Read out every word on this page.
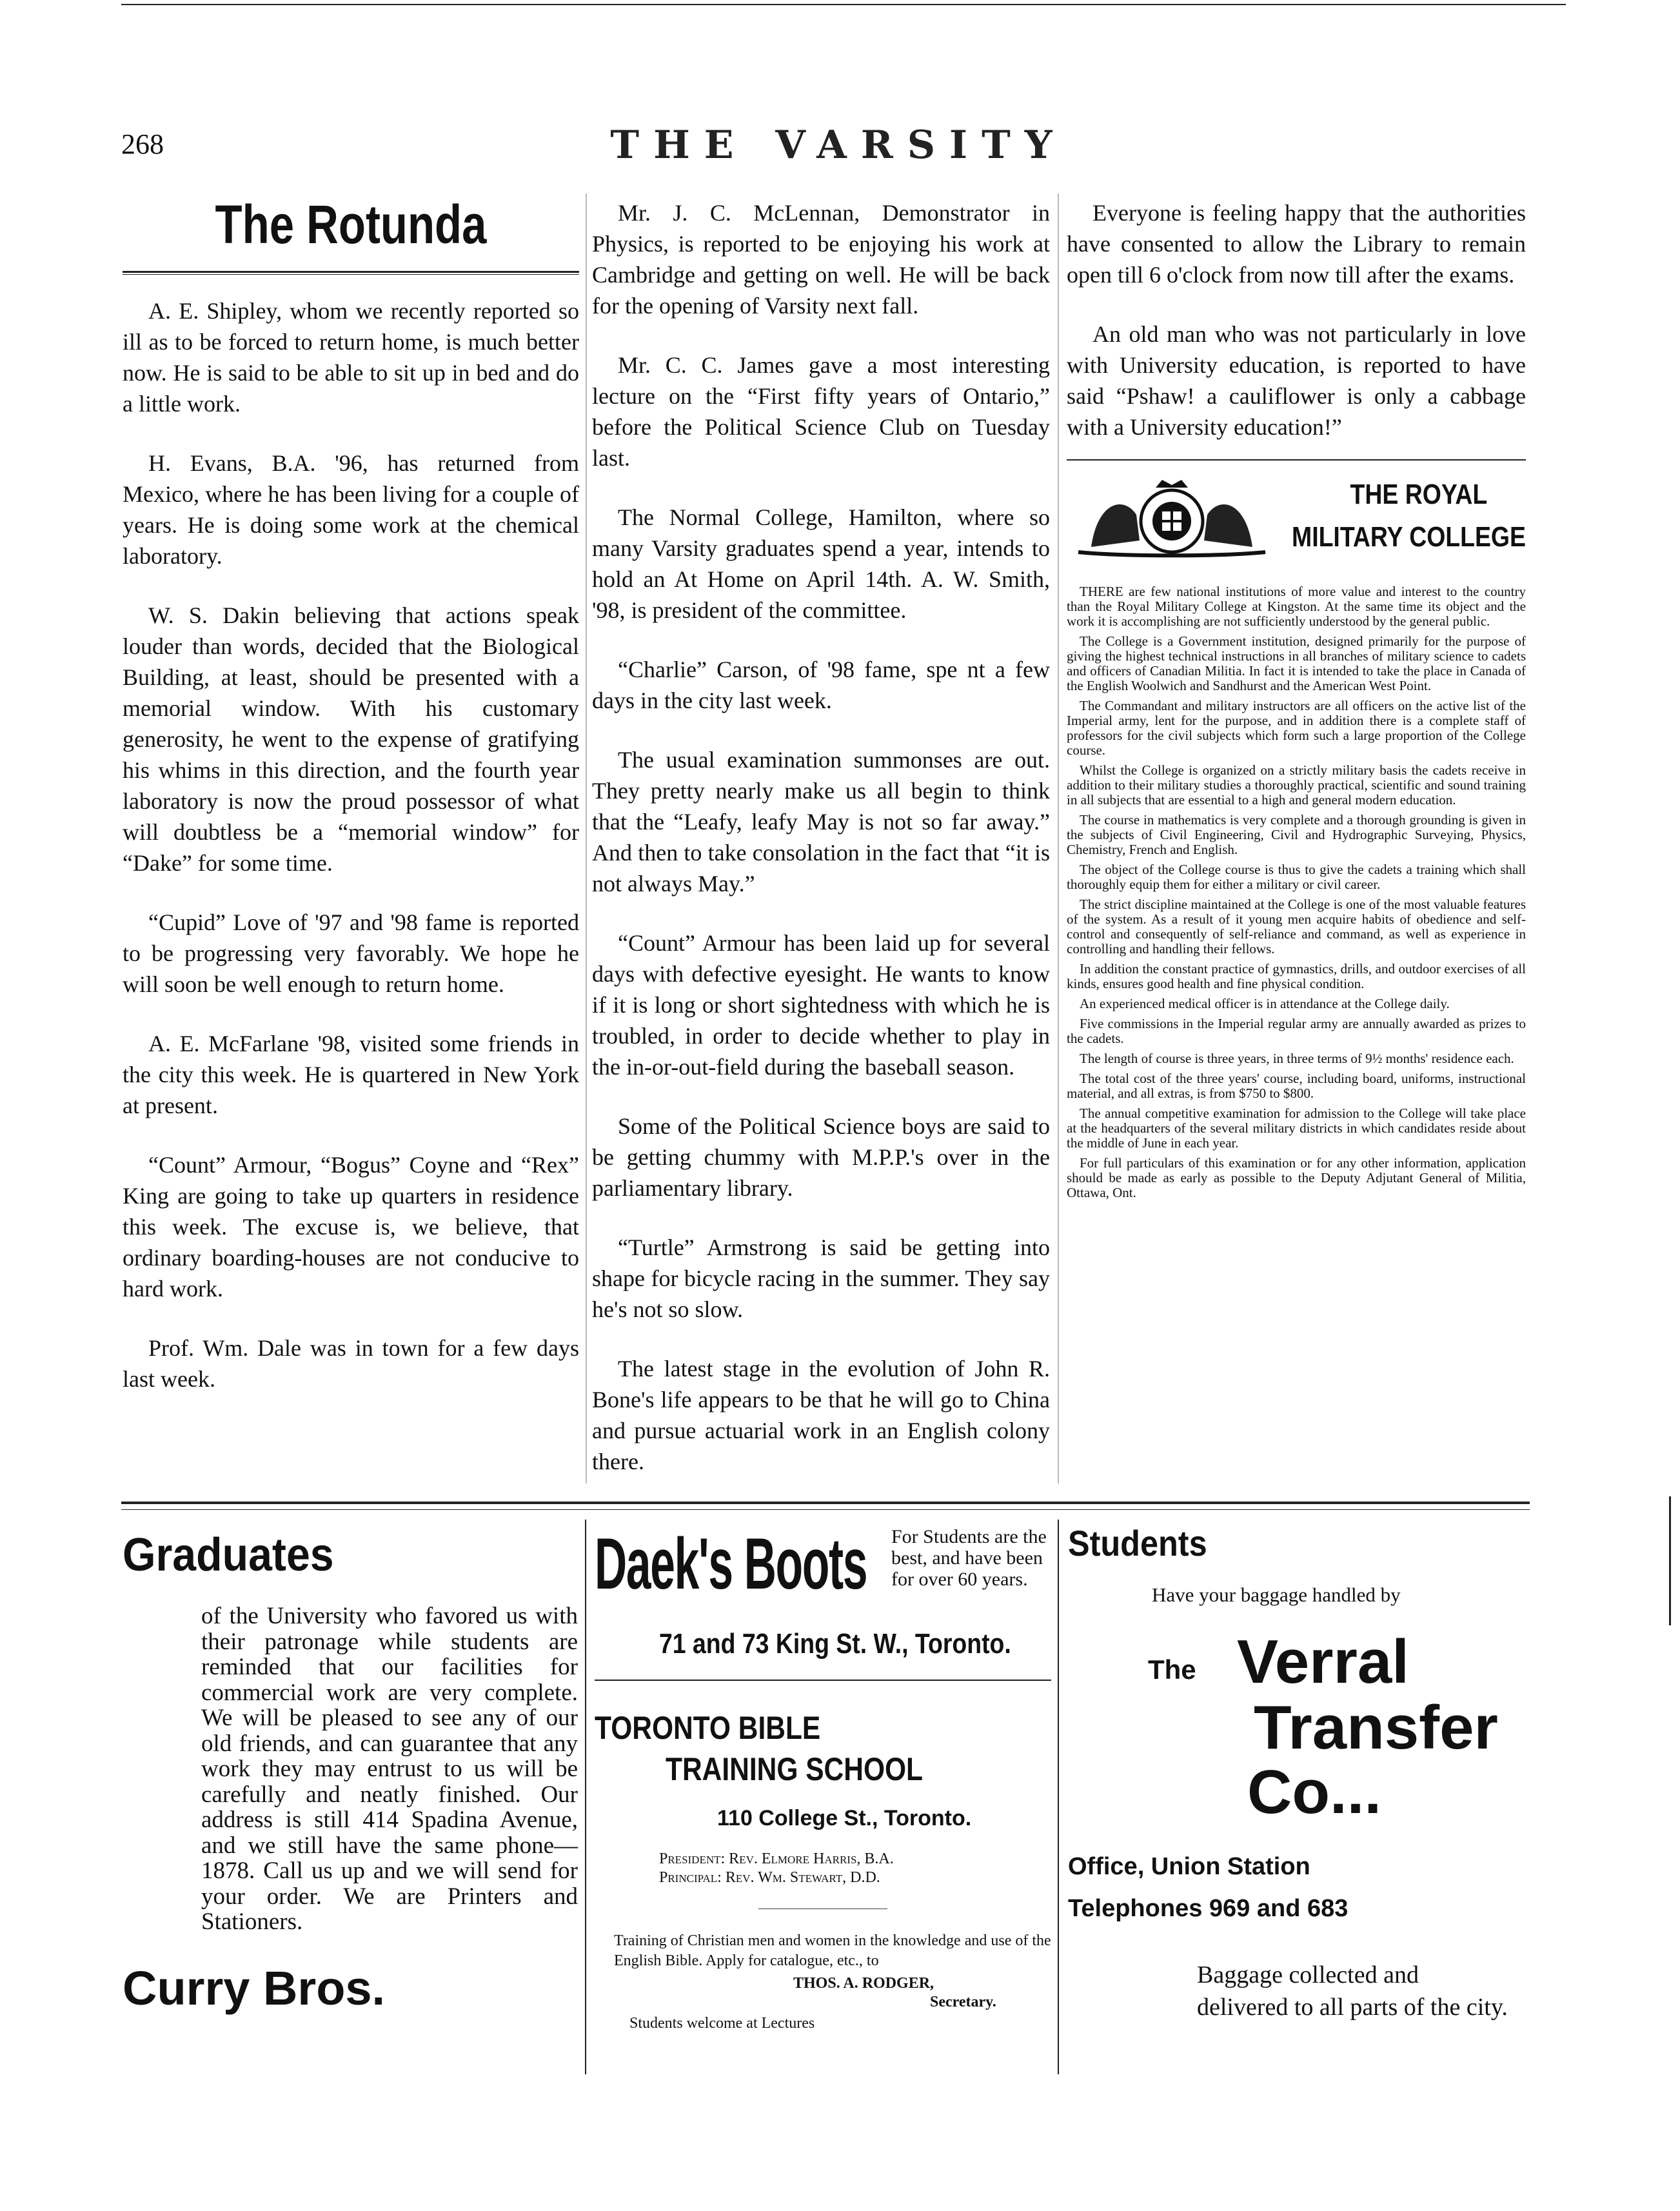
268	THE VARSITY
The Rotunda

A. E. Shipley, whom we recently reported so ill as to be forced to return home, is much better now. He is said to be able to sit up in bed and do a little work.

H. Evans, B.A. '96, has returned from Mexico, where he has been living for a couple of years. He is doing some work at the chemical laboratory.

W. S. Dakin believing that actions speak louder than words, decided that the Biological Building, at least, should be presented with a memorial window. With his customary generosity, he went to the expense of gratifying his whims in this direction, and the fourth year laboratory is now the proud possessor of what will doubtless be a “memorial window” for “Dake” for some time.

“Cupid” Love of '97 and '98 fame is reported to be progressing very favorably. We hope he will soon be well enough to return home.

A. E. McFarlane '98, visited some friends in the city this week. He is quartered in New York at present.

“Count” Armour, “Bogus” Coyne and “Rex” King are going to take up quarters in residence this week. The excuse is, we believe, that ordinary boarding-houses are not conducive to hard work.

Prof. Wm. Dale was in town for a few days last week.

Mr. J. C. McLennan, Demonstrator in Physics, is reported to be enjoying his work at Cambridge and getting on well. He will be back for the opening of Varsity next fall.

Mr. C. C. James gave a most interesting lecture on the “First fifty years of Ontario,” before the Political Science Club on Tuesday last.

The Normal College, Hamilton, where so many Varsity graduates spend a year, intends to hold an At Home on April 14th. A. W. Smith, '98, is president of the committee.

“Charlie” Carson, of '98 fame, spe nt a few days in the city last week.

The usual examination summonses are out. They pretty nearly make us all begin to think that the “Leafy, leafy May is not so far away.” And then to take consolation in the fact that “it is not always May.”

“Count” Armour has been laid up for several days with defective eyesight. He wants to know if it is long or short sightedness with which he is troubled, in order to decide whether to play in the in-or-out-field during the baseball season.

Some of the Political Science boys are said to be getting chummy with M.P.P.'s over in the parliamentary library.

“Turtle” Armstrong is said be getting into shape for bicycle racing in the summer. They say he's not so slow.

The latest stage in the evolution of John R. Bone's life appears to be that he will go to China and pursue actuarial work in an English colony there.

Everyone is feeling happy that the authorities have consented to allow the Library to remain open till 6 o'clock from now till after the exams.

An old man who was not particularly in love with University education, is reported to have said “Pshaw! a cauliflower is only a cabbage with a University education!”

THE ROYAL
MILITARY COLLEGE

THERE are few national institutions of more value and interest to the country than the Royal Military College at Kingston. At the same time its object and the work it is accomplishing are not sufficiently understood by the general public.

The College is a Government institution, designed primarily for the purpose of giving the highest technical instructions in all branches of military science to cadets and officers of Canadian Militia. In fact it is intended to take the place in Canada of the English Woolwich and Sandhurst and the American West Point.

The Commandant and military instructors are all officers on the active list of the Imperial army, lent for the purpose, and in addition there is a complete staff of professors for the civil subjects which form such a large proportion of the College course.

Whilst the College is organized on a strictly military basis the cadets receive in addition to their military studies a thoroughly practical, scientific and sound training in all subjects that are essential to a high and general modern education.

The course in mathematics is very complete and a thorough grounding is given in the subjects of Civil Engineering, Civil and Hydrographic Surveying, Physics, Chemistry, French and English.

The object of the College course is thus to give the cadets a training which shall thoroughly equip them for either a military or civil career.

The strict discipline maintained at the College is one of the most valuable features of the system. As a result of it young men acquire habits of obedience and self-control and consequently of self-reliance and command, as well as experience in controlling and handling their fellows.

In addition the constant practice of gymnastics, drills, and outdoor exercises of all kinds, ensures good health and fine physical condition.

An experienced medical officer is in attendance at the College daily.

Five commissions in the Imperial regular army are annually awarded as prizes to the cadets.

The length of course is three years, in three terms of 9½ months' residence each.

The total cost of the three years' course, including board, uniforms, instructional material, and all extras, is from $750 to $800.

The annual competitive examination for admission to the College will take place at the headquarters of the several military districts in which candidates reside about the middle of June in each year.

For full particulars of this examination or for any other information, application should be made as early as possible to the Deputy Adjutant General of Militia, Ottawa, Ont.

Graduates

of the University who favored us with their patronage while students are reminded that our facilities for commercial work are very complete. We will be pleased to see any of our old friends, and can guarantee that any work they may entrust to us will be carefully and neatly finished. Our address is still 414 Spadina Avenue, and we still have the same phone—1878. Call us up and we will send for your order. We are Printers and Stationers.

Curry Bros.
Daek's Boots For Students are the best, and have been for over 60 years.
71 and 73 King St. W., Toronto.
TORONTO BIBLE
TRAINING SCHOOL
110 College St., Toronto.
President: Rev. Elmore Harris, B.A.
Principal: Rev. Wm. Stewart, D.D.
Training of Christian men and women in the knowledge and use of the English Bible. Apply for catalogue, etc., to
THOS. A. RODGER,
Secretary.
Students welcome at Lectures
Students
Have your baggage handled by
The Verral
Transfer
Co...
Office, Union Station
Telephones 969 and 683
Baggage collected and delivered to all parts of the city.
